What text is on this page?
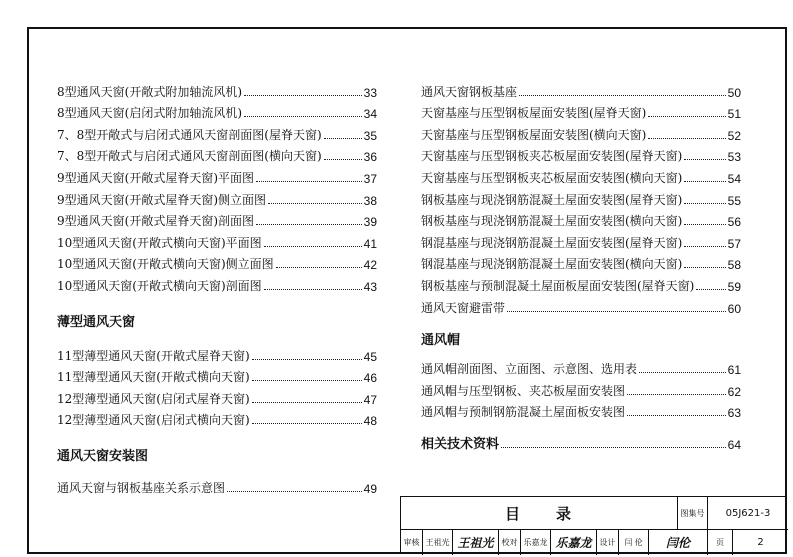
8型通风天窗(开敞式附加轴流风机)	33
8型通风天窗(启闭式附加轴流风机)	34
7、8型开敞式与启闭式通风天窗剖面图(屋脊天窗)	35
7、8型开敞式与启闭式通风天窗剖面图(横向天窗)	36
9型通风天窗(开敞式屋脊天窗)平面图	37
9型通风天窗(开敞式屋脊天窗)侧立面图	38
9型通风天窗(开敞式屋脊天窗)剖面图	39
10型通风天窗(开敞式横向天窗)平面图	41
10型通风天窗(开敞式横向天窗)侧立面图	42
10型通风天窗(开敞式横向天窗)剖面图	43
薄型通风天窗
11型薄型通风天窗(开敞式屋脊天窗)	45
11型薄型通风天窗(开敞式横向天窗)	46
12型薄型通风天窗(启闭式屋脊天窗)	47
12型薄型通风天窗(启闭式横向天窗)	48
通风天窗安装图
通风天窗与钢板基座关系示意图	49
通风天窗钢板基座	50
天窗基座与压型钢板屋面安装图(屋脊天窗)	51
天窗基座与压型钢板屋面安装图(横向天窗)	52
天窗基座与压型钢板夹芯板屋面安装图(屋脊天窗)	53
天窗基座与压型钢板夹芯板屋面安装图(横向天窗)	54
钢板基座与现浇钢筋混凝土屋面安装图(屋脊天窗)	55
钢板基座与现浇钢筋混凝土屋面安装图(横向天窗)	56
钢混基座与现浇钢筋混凝土屋面安装图(屋脊天窗)	57
钢混基座与现浇钢筋混凝土屋面安装图(横向天窗)	58
钢板基座与预制混凝土屋面板屋面安装图(屋脊天窗)	59
通风天窗避雷带	60
通风帽
通风帽剖面图、立面图、示意图、选用表	61
通风帽与压型钢板、夹芯板屋面安装图	62
通风帽与预制钢筋混凝土屋面板安装图	63
相关技术资料	64
目　　录	图集号	05J621-3
审核 王祖光 王祖光	校对 乐嘉龙 乐嘉龙	设计	闫 伦	闫伦	页	2
